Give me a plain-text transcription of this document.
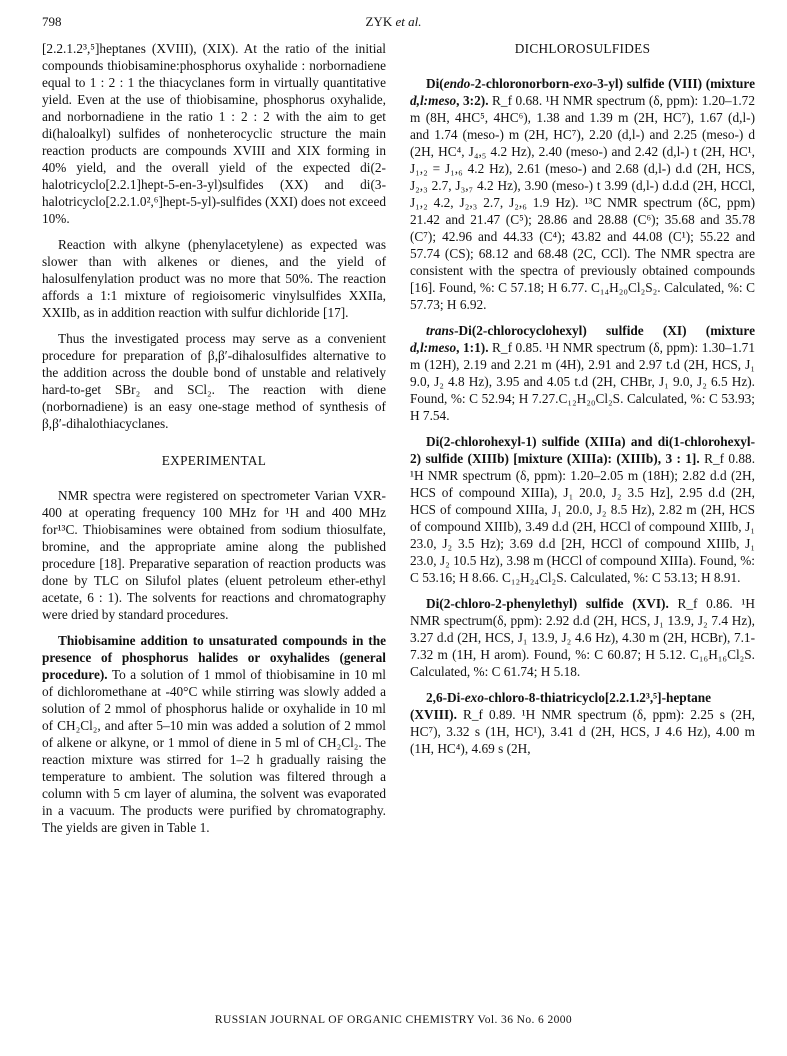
798	ZYK et al.

[2.2.1.2³,⁵]heptanes (XVIII), (XIX). At the ratio of the initial compounds thiobisamine:phosphorus oxyhalide : norbornadiene equal to 1 : 2 : 1 the thiacyclanes form in virtually quantitative yield. Even at the use of thiobisamine, phosphorus oxyhalide, and norbornadiene in the ratio 1 : 2 : 2 with the aim to get di(haloalkyl) sulfides of nonheterocyclic structure the main reaction products are compounds XVIII and XIX forming in 40% yield, and the overall yield of the expected di(2-halotricyclo[2.2.1]hept-5-en-3-yl)sulfides (XX) and di(3-halotricyclo[2.2.1.0²,⁶]hept-5-yl)-sulfides (XXI) does not exceed 10%.

Reaction with alkyne (phenylacetylene) as expected was slower than with alkenes or dienes, and the yield of halosulfenylation product was no more that 50%. The reaction affords a 1:1 mixture of regioisomeric vinylsulfides XXIIa, XXIIb, as in addition reaction with sulfur dichloride [17].

Thus the investigated process may serve as a convenient procedure for preparation of β,β′-dihalosulfides alternative to the addition across the double bond of unstable and relatively hard-to-get SBr₂ and SCl₂. The reaction with diene (norbornadiene) is an easy one-stage method of synthesis of β,β′-dihalothiacyclanes.

EXPERIMENTAL

NMR spectra were registered on spectrometer Varian VXR-400 at operating frequency 100 MHz for ¹H and 400 MHz for¹³C. Thiobisamines were obtained from sodium thiosulfate, bromine, and the appropriate amine along the published procedure [18]. Preparative separation of reaction products was done by TLC on Silufol plates (eluent petroleum ether-ethyl acetate, 6 : 1). The solvents for reactions and chromatography were dried by standard procedures.

Thiobisamine addition to unsaturated compounds in the presence of phosphorus halides or oxyhalides (general procedure). To a solution of 1 mmol of thiobisamine in 10 ml of dichloromethane at -40°C while stirring was slowly added a solution of 2 mmol of phosphorus halide or oxyhalide in 10 ml of CH₂Cl₂, and after 5–10 min was added a solution of 2 mmol of alkene or alkyne, or 1 mmol of diene in 5 ml of CH₂Cl₂. The reaction mixture was stirred for 1–2 h gradually raising the temperature to ambient. The solution was filtered through a column with 5 cm layer of alumina, the solvent was evaporated in a vacuum. The products were purified by chromatography. The yields are given in Table 1.

DICHLOROSULFIDES

Di(endo-2-chloronorborn-exo-3-yl) sulfide (VIII) (mixture d,l:meso, 3:2). R_f 0.68. ¹H NMR spectrum (δ, ppm): 1.20–1.72 m (8H, 4HC⁵, 4HC⁶), 1.38 and 1.39 m (2H, HC⁷), 1.67 (d,l-) and 1.74 (meso-) m (2H, HC⁷), 2.20 (d,l-) and 2.25 (meso-) d (2H, HC⁴, J₄,₅ 4.2 Hz), 2.40 (meso-) and 2.42 (d,l-) t (2H, HC¹, J₁,₂ = J₁,₆ 4.2 Hz), 2.61 (meso-) and 2.68 (d,l-) d.d (2H, HCS, J₂,₃ 2.7, J₃,₇ 4.2 Hz), 3.90 (meso-) t 3.99 (d,l-) d.d.d (2H, HCCl, J₁,₂ 4.2, J₂,₃ 2.7, J₂,₆ 1.9 Hz). ¹³C NMR spectrum (δC, ppm) 21.42 and 21.47 (C⁵); 28.86 and 28.88 (C⁶); 35.68 and 35.78 (C⁷); 42.96 and 44.33 (C⁴); 43.82 and 44.08 (C¹); 55.22 and 57.74 (CS); 68.12 and 68.48 (2C, CCl). The NMR spectra are consistent with the spectra of previously obtained compounds [16]. Found, %: C 57.18; H 6.77. C₁₄H₂₀Cl₂S₂. Calculated, %: C 57.73; H 6.92.

trans-Di(2-chlorocyclohexyl) sulfide (XI) (mixture d,l:meso, 1:1). R_f 0.85. ¹H NMR spectrum (δ, ppm): 1.30–1.71 m (12H), 2.19 and 2.21 m (4H), 2.91 and 2.97 t.d (2H, HCS, J₁ 9.0, J₂ 4.8 Hz), 3.95 and 4.05 t.d (2H, CHBr, J₁ 9.0, J₂ 6.5 Hz). Found, %: C 52.94; H 7.27.C₁₂H₂₀Cl₂S. Calculated, %: C 53.93; H 7.54.

Di(2-chlorohexyl-1) sulfide (XIIIa) and di(1-chlorohexyl-2) sulfide (XIIIb) [mixture (XIIIa): (XIIIb), 3 : 1]. R_f 0.88. ¹H NMR spectrum (δ, ppm): 1.20–2.05 m (18H); 2.82 d.d (2H, HCS of compound XIIIa), J₁ 20.0, J₂ 3.5 Hz], 2.95 d.d (2H, HCS of compound XIIIa, J₁ 20.0, J₂ 8.5 Hz), 2.82 m (2H, HCS of compound XIIIb), 3.49 d.d (2H, HCCl of compound XIIIb, J₁ 23.0, J₂ 3.5 Hz); 3.69 d.d [2H, HCCl of compound XIIIb, J₁ 23.0, J₂ 10.5 Hz), 3.98 m (HCCl of compound XIIIa). Found, %: C 53.16; H 8.66. C₁₂H₂₄Cl₂S. Calculated, %: C 53.13; H 8.91.

Di(2-chloro-2-phenylethyl) sulfide (XVI). R_f 0.86. ¹H NMR spectrum(δ, ppm): 2.92 d.d (2H, HCS, J₁ 13.9, J₂ 7.4 Hz), 3.27 d.d (2H, HCS, J₁ 13.9, J₂ 4.6 Hz), 4.30 m (2H, HCBr), 7.1-7.32 m (1H, H arom). Found, %: C 60.87; H 5.12. C₁₆H₁₆Cl₂S. Calculated, %: C 61.74; H 5.18.

2,6-Di-exo-chloro-8-thiatricyclo[2.2.1.2³,⁵]-heptane (XVIII). R_f 0.89. ¹H NMR spectrum (δ, ppm): 2.25 s (2H, HC⁷), 3.32 s (1H, HC¹), 3.41 d (2H, HCS, J 4.6 Hz), 4.00 m (1H, HC⁴), 4.69 s (2H,

RUSSIAN JOURNAL OF ORGANIC CHEMISTRY Vol. 36 No. 6 2000
